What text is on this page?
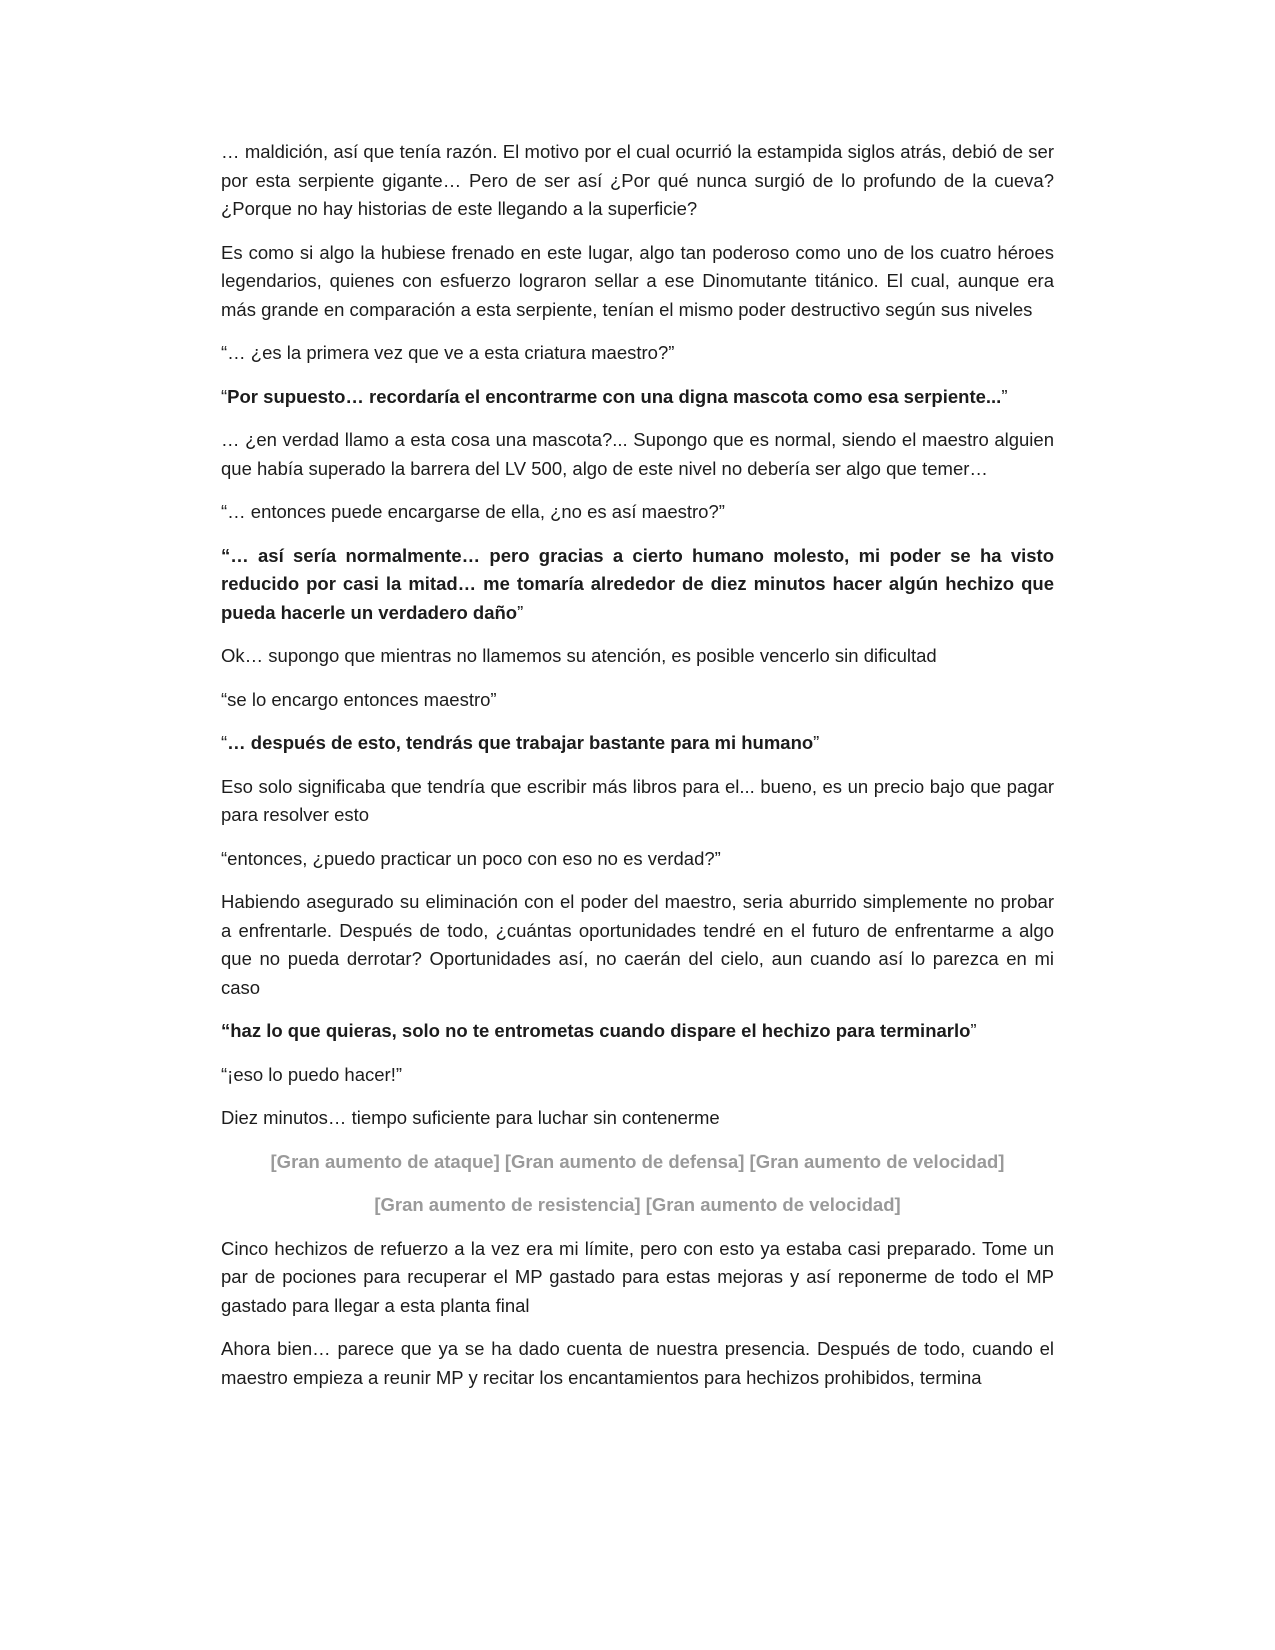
… maldición, así que tenía razón. El motivo por el cual ocurrió la estampida siglos atrás, debió de ser por esta serpiente gigante… Pero de ser así ¿Por qué nunca surgió de lo profundo de la cueva? ¿Porque no hay historias de este llegando a la superficie?

Es como si algo la hubiese frenado en este lugar, algo tan poderoso como uno de los cuatro héroes legendarios, quienes con esfuerzo lograron sellar a ese Dinomutante titánico. El cual, aunque era más grande en comparación a esta serpiente, tenían el mismo poder destructivo según sus niveles

“… ¿es la primera vez que ve a esta criatura maestro?”

“Por supuesto… recordaría el encontrarme con una digna mascota como esa serpiente...”

… ¿en verdad llamo a esta cosa una mascota?... Supongo que es normal, siendo el maestro alguien que había superado la barrera del LV 500, algo de este nivel no debería ser algo que temer…

“… entonces puede encargarse de ella, ¿no es así maestro?”

“… así sería normalmente… pero gracias a cierto humano molesto, mi poder se ha visto reducido por casi la mitad… me tomaría alrededor de diez minutos hacer algún hechizo que pueda hacerle un verdadero daño”

Ok… supongo que mientras no llamemos su atención, es posible vencerlo sin dificultad

“se lo encargo entonces maestro”

“… después de esto, tendrás que trabajar bastante para mi humano”

Eso solo significaba que tendría que escribir más libros para el... bueno, es un precio bajo que pagar para resolver esto

“entonces, ¿puedo practicar un poco con eso no es verdad?”

Habiendo asegurado su eliminación con el poder del maestro, seria aburrido simplemente no probar a enfrentarle. Después de todo, ¿cuántas oportunidades tendré en el futuro de enfrentarme a algo que no pueda derrotar? Oportunidades así, no caerán del cielo, aun cuando así lo parezca en mi caso

“haz lo que quieras, solo no te entrometas cuando dispare el hechizo para terminarlo”

“¡eso lo puedo hacer!”

Diez minutos… tiempo suficiente para luchar sin contenerme

[Gran aumento de ataque] [Gran aumento de defensa] [Gran aumento de velocidad]

[Gran aumento de resistencia] [Gran aumento de velocidad]

Cinco hechizos de refuerzo a la vez era mi límite, pero con esto ya estaba casi preparado. Tome un par de pociones para recuperar el MP gastado para estas mejoras y así reponerme de todo el MP gastado para llegar a esta planta final

Ahora bien… parece que ya se ha dado cuenta de nuestra presencia. Después de todo, cuando el maestro empieza a reunir MP y recitar los encantamientos para hechizos prohibidos, termina
